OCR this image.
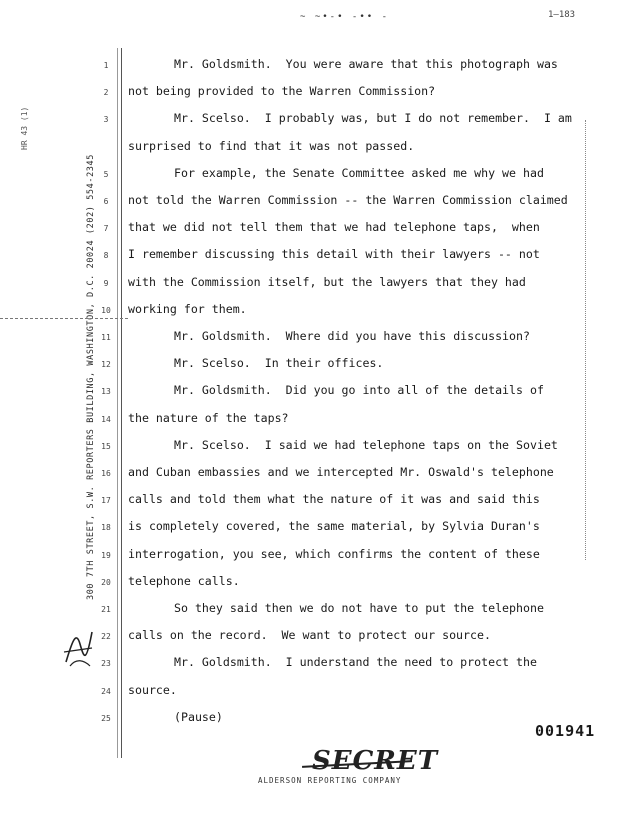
~ ~•-• -•• -	1—183
HR 43 (1)
300 7TH STREET, S.W. REPORTERS BUILDING, WASHINGTON, D.C. 20024 (202) 554-2345
1	Mr. Goldsmith.  You were aware that this photograph was
2	not being provided to the Warren Commission?
3	Mr. Scelso.  I probably was, but I do not remember.  I am
surprised to find that it was not passed.
5	For example, the Senate Committee asked me why we had
6	not told the Warren Commission -- the Warren Commission claimed
7	that we did not tell them that we had telephone taps,  when
8	I remember discussing this detail with their lawyers -- not
9	with the Commission itself, but the lawyers that they had
10	working for them.
11	Mr. Goldsmith.  Where did you have this discussion?
12	Mr. Scelso.  In their offices.
13	Mr. Goldsmith.  Did you go into all of the details of
14	the nature of the taps?
15	Mr. Scelso.  I said we had telephone taps on the Soviet
16	and Cuban embassies and we intercepted Mr. Oswald's telephone
17	calls and told them what the nature of it was and said this
18	is completely covered, the same material, by Sylvia Duran's
19	interrogation, you see, which confirms the content of these
20	telephone calls.
21	So they said then we do not have to put the telephone
22	calls on the record.  We want to protect our source.
23	Mr. Goldsmith.  I understand the need to protect the
24	source.
25	(Pause)
001941
SECRET
ALDERSON REPORTING COMPANY
